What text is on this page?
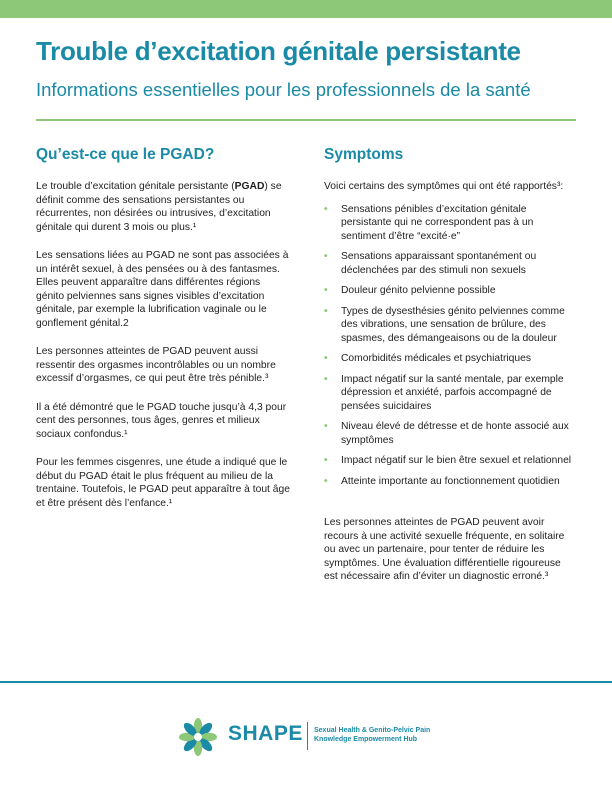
Trouble d’excitation génitale persistante
Informations essentielles pour les professionnels de la santé
Qu’est-ce que le PGAD?

Le trouble d’excitation génitale persistante (PGAD) se définit comme des sensations persistantes ou récurrentes, non désirées ou intrusives, d’excitation génitale qui durent 3 mois ou plus.¹

Les sensations liées au PGAD ne sont pas associées à un intérêt sexuel, à des pensées ou à des fantasmes. Elles peuvent apparaître dans différentes régions génito pelviennes sans signes visibles d’excitation génitale, par exemple la lubrification vaginale ou le gonflement génital.2

Les personnes atteintes de PGAD peuvent aussi ressentir des orgasmes incontrôlables ou un nombre excessif d’orgasmes, ce qui peut être très pénible.³

Il a été démontré que le PGAD touche jusqu’à 4,3 pour cent des personnes, tous âges, genres et milieux sociaux confondus.¹

Pour les femmes cisgenres, une étude a indiqué que le début du PGAD était le plus fréquent au milieu de la trentaine. Toutefois, le PGAD peut apparaître à tout âge et être présent dès l’enfance.¹

Symptoms

Voici certains des symptômes qui ont été rapportés³:

• Sensations pénibles d’excitation génitale persistante qui ne correspondent pas à un sentiment d’être “excité·e”
• Sensations apparaissant spontanément ou déclenchées par des stimuli non sexuels
• Douleur génito pelvienne possible
• Types de dysesthésies génito pelviennes comme des vibrations, une sensation de brûlure, des spasmes, des démangeaisons ou de la douleur
• Comorbidités médicales et psychiatriques
• Impact négatif sur la santé mentale, par exemple dépression et anxiété, parfois accompagné de pensées suicidaires
• Niveau élevé de détresse et de honte associé aux symptômes
• Impact négatif sur le bien être sexuel et relationnel
• Atteinte importante au fonctionnement quotidien

Les personnes atteintes de PGAD peuvent avoir recours à une activité sexuelle fréquente, en solitaire ou avec un partenaire, pour tenter de réduire les symptômes. Une évaluation différentielle rigoureuse est nécessaire afin d’éviter un diagnostic erroné.³

SHAPE Sexual Health & Genito-Pelvic Pain
Knowledge Empowerment Hub
